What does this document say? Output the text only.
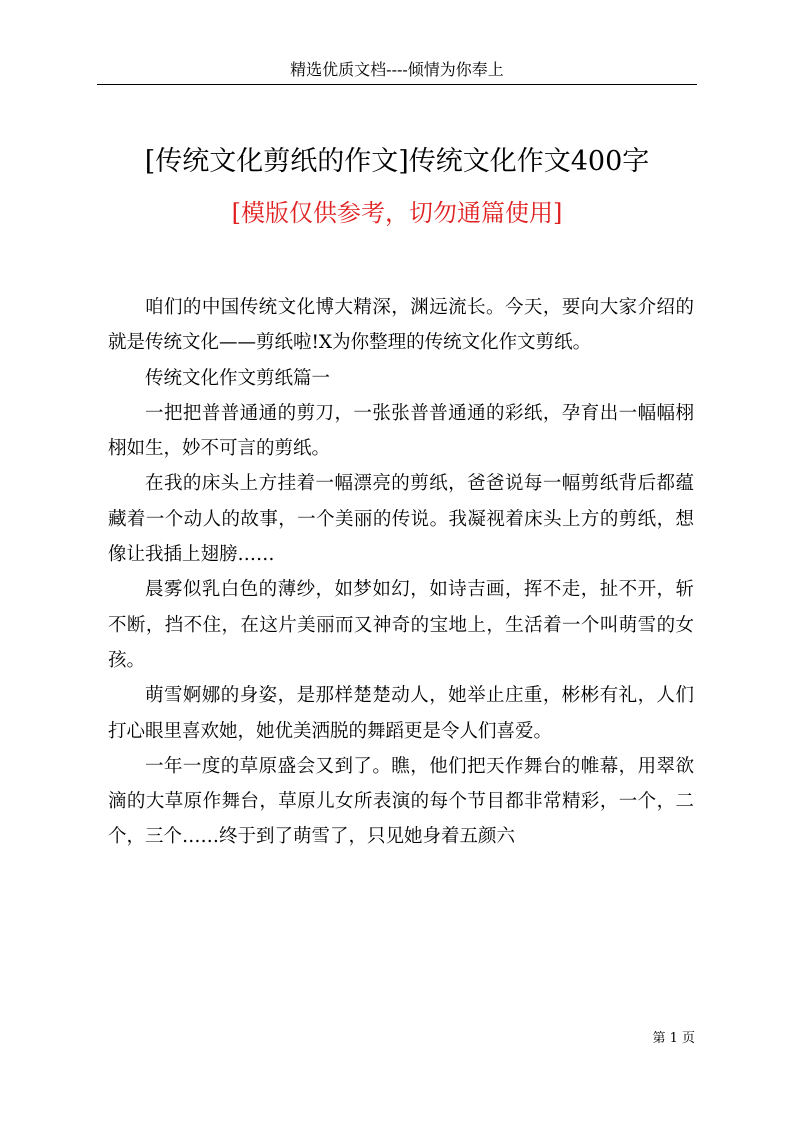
精选优质文档----倾情为你奉上
[传统文化剪纸的作文]传统文化作文400字
[模版仅供参考，切勿通篇使用]

咱们的中国传统文化博大精深，渊远流长。今天，要向大家介绍的就是传统文化——剪纸啦!X为你整理的传统文化作文剪纸。

传统文化作文剪纸篇一

一把把普普通通的剪刀，一张张普普通通的彩纸，孕育出一幅幅栩栩如生，妙不可言的剪纸。

在我的床头上方挂着一幅漂亮的剪纸，爸爸说每一幅剪纸背后都蕴藏着一个动人的故事，一个美丽的传说。我凝视着床头上方的剪纸，想像让我插上翅膀……

晨雾似乳白色的薄纱，如梦如幻，如诗吉画，挥不走，扯不开，斩不断，挡不住，在这片美丽而又神奇的宝地上，生活着一个叫萌雪的女孩。

萌雪婀娜的身姿，是那样楚楚动人，她举止庄重，彬彬有礼，人们打心眼里喜欢她，她优美洒脱的舞蹈更是令人们喜爱。

一年一度的草原盛会又到了。瞧，他们把天作舞台的帷幕，用翠欲滴的大草原作舞台，草原儿女所表演的每个节目都非常精彩，一个，二个，三个……终于到了萌雪了，只见她身着五颜六

第 1 页
